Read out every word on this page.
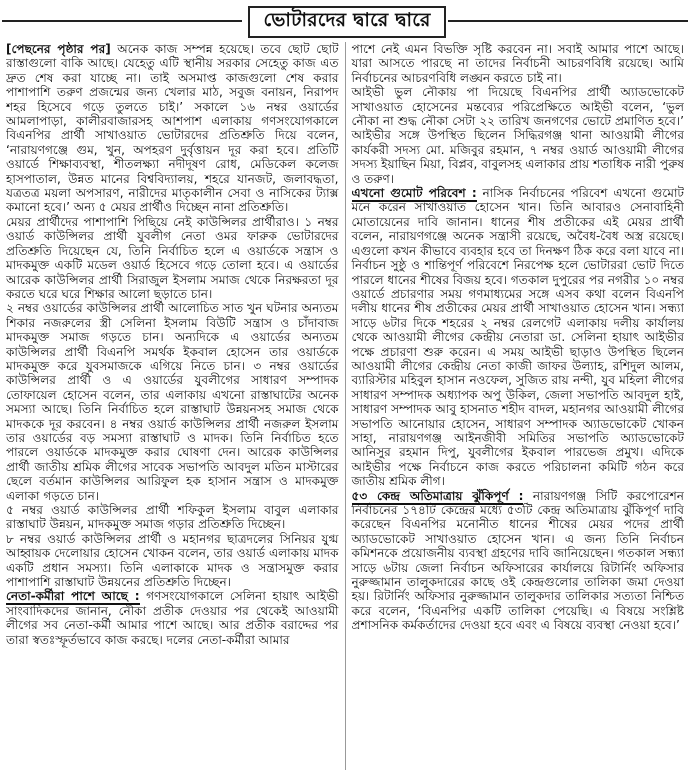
ভোটারদের দ্বারে দ্বারে

[পেছনের পৃষ্ঠার পর] অনেক কাজ সম্পন্ন হয়েছে। তবে ছোট ছোট রাস্তাগুলো বাকি আছে। যেহেতু এটি স্থানীয় সরকার সেহেতু কাজ এত দ্রুত শেষ করা যাচ্ছে না। তাই অসমাপ্ত কাজগুলো শেষ করার পাশাপাশি তরুণ প্রজন্মের জন্য খেলার মাঠ, সবুজ বনায়ন, নিরাপদ শহর হিসেবে গড়ে তুলতে চাই।’ সকালে ১৬ নম্বর ওয়ার্ডের আমলাপাড়া, কালীরবাজারসহ আশপাশ এলাকায় গণসংযোগকালে বিএনপির প্রার্থী সাখাওয়াত ভোটারদের প্রতিশ্রুতি দিয়ে বলেন, ‘নারায়ণগঞ্জে গুম, খুন, অপহরণ দুর্বৃত্তায়ন দূর করা হবে। প্রতিটি ওয়ার্ডে শিক্ষাব্যবস্থা, শীতলক্ষ্যা নদীদূষণ রোধ, মেডিকেল কলেজ হাসপাতাল, উন্নত মানের বিশ্ববিদ্যালয়, শহরে যানজট, জলাবদ্ধতা, যত্রতত্র ময়লা অপসারণ, নারীদের মাতৃকালীন সেবা ও নাসিকের ট্যাক্স কমানো হবে।’ অন্য ৫ মেয়র প্রার্থীও দিচ্ছেন নানা প্রতিশ্রুতি।

মেয়র প্রার্থীদের পাশাপাশি পিছিয়ে নেই কাউন্সিলর প্রার্থীরাও। ১ নম্বর ওয়ার্ড কাউন্সিলর প্রার্থী যুবলীগ নেতা ওমর ফারুক ভোটারদের প্রতিশ্রুতি দিয়েছেন যে, তিনি নির্বাচিত হলে এ ওয়ার্ডকে সন্ত্রাস ও মাদকমুক্ত একটি মডেল ওয়ার্ড হিসেবে গড়ে তোলা হবে। এ ওয়ার্ডের আরেক কাউন্সিলর প্রার্থী সিরাজুল ইসলাম সমাজ থেকে নিরক্ষরতা দূর করতে ঘরে ঘরে শিক্ষার আলো ছড়াতে চান।

২ নম্বর ওয়ার্ডের কাউন্সিলর প্রার্থী আলোচিত সাত খুন ঘটনার অন্যতম শিকার নজরুলের স্ত্রী সেলিনা ইসলাম বিউটি সন্ত্রাস ও চাঁদাবাজ মাদকমুক্ত সমাজ গড়তে চান। অন্যদিকে এ ওয়ার্ডের অন্যতম কাউন্সিলর প্রার্থী বিএনপি সমর্থক ইকবাল হোসেন তার ওয়ার্ডকে মাদকমুক্ত করে যুবসমাজকে এগিয়ে নিতে চান। ৩ নম্বর ওয়ার্ডের কাউন্সিলর প্রার্থী ও এ ওয়ার্ডের যুবলীগের সাধারণ সম্পাদক তোফায়েল হোসেন বলেন, তার এলাকায় এখনো রাস্তাঘাটের অনেক সমস্যা আছে। তিনি নির্বাচিত হলে রাস্তাঘাট উন্নয়নসহ সমাজ থেকে মাদককে দূর করবেন। ৪ নম্বর ওয়ার্ড কাউন্সিলর প্রার্থী নজরুল ইসলাম তার ওয়ার্ডের বড় সমস্যা রাস্তাঘাট ও মাদক। তিনি নির্বাচিত হতে পারলে ওয়ার্ডকে মাদকমুক্ত করার ঘোষণা দেন। আরেক কাউন্সিলর প্রার্থী জাতীয় শ্রমিক লীগের সাবেক সভাপতি আবদুল মতিন মাস্টারের ছেলে বর্তমান কাউন্সিলর আরিফুল হক হাসান সন্ত্রাস ও মাদকমুক্ত এলাকা গড়তে চান।

৫ নম্বর ওয়ার্ড কাউন্সিলর প্রার্থী শফিকুল ইসলাম বাবুল এলাকার রাস্তাঘাট উন্নয়ন, মাদকমুক্ত সমাজ গড়ার প্রতিশ্রুতি দিচ্ছেন।

৮ নম্বর ওয়ার্ড কাউন্সিলর প্রার্থী ও মহানগর ছাত্রদলের সিনিয়র যুগ্ম আহ্বায়ক দেলোয়ার হোসেন খোকন বলেন, তার ওয়ার্ড এলাকায় মাদক একটি প্রধান সমস্যা। তিনি এলাকাকে মাদক ও সন্ত্রাসমুক্ত করার পাশাপাশি রাস্তাঘাট উন্নয়নের প্রতিশ্রুতি দিচ্ছেন।

নেতা-কর্মীরা পাশে আছে : গণসংযোগকালে সেলিনা হায়াৎ আইভী সাংবাদিকদের জানান, নৌকা প্রতীক দেওয়ার পর থেকেই আওয়ামী লীগের সব নেতা-কর্মী আমার পাশে আছে। আর প্রতীক বরাদ্দের পর তারা স্বতঃস্ফূর্তভাবে কাজ করছে। দলের নেতা-কর্মীরা আমার

পাশে নেই এমন বিভক্তি সৃষ্টি করবেন না। সবাই আমার পাশে আছে। যারা আসতে পারছে না তাদের নির্বাচনী আচরণবিধি রয়েছে। আমি নির্বাচনের আচরণবিধি লঙ্ঘন করতে চাই না।

আইভী ভুল নৌকায় পা দিয়েছে বিএনপির প্রার্থী অ্যাডভোকেট সাখাওয়াত হোসেনের মন্তব্যের পরিপ্রেক্ষিতে আইভী বলেন, ‘ভুল নৌকা না শুদ্ধ নৌকা সেটা ২২ তারিখ জনগণের ভোটে প্রমাণিত হবে।’ আইভীর সঙ্গে উপস্থিত ছিলেন সিদ্ধিরগঞ্জ থানা আওয়ামী লীগের কার্যকরী সদস্য মো. মজিবুর রহমান, ৭ নম্বর ওয়ার্ড আওয়ামী লীগের সদস্য ইয়াছিন মিয়া, বিপ্লব, বাবুলসহ এলাকার প্রায় শতাধিক নারী পুরুষ ও তরুণ।

এখনো গুমোট পরিবেশ : নাসিক নির্বাচনের পরিবেশ এখনো গুমোট মনে করেন সাখাওয়াত হোসেন খান। তিনি আবারও সেনাবাহিনী মোতায়েনের দাবি জানান। ধানের শীষ প্রতীকের এই মেয়র প্রার্থী বলেন, নারায়ণগঞ্জে অনেক সন্ত্রাসী রয়েছে, অবৈধ-বৈধ অস্ত্র রয়েছে। এগুলো কখন কীভাবে ব্যবহার হবে তা দিনক্ষণ ঠিক করে বলা যাবে না। নির্বাচন সুষ্ঠু ও শান্তিপূর্ণ পরিবেশে নিরপেক্ষ হলে ভোটাররা ভোট দিতে পারলে ধানের শীষের বিজয় হবে। গতকাল দুপুরের পর নগরীর ১০ নম্বর ওয়ার্ডে প্রচারণার সময় গণমাধ্যমের সঙ্গে এসব কথা বলেন বিএনপি দলীয় ধানের শীষ প্রতীকের মেয়র প্রার্থী সাখাওয়াত হোসেন খান। সন্ধ্যা সাড়ে ৬টার দিকে শহরের ২ নম্বর রেলগেট এলাকায় দলীয় কার্যালয় থেকে আওয়ামী লীগের কেন্দ্রীয় নেতারা ডা. সেলিনা হায়াৎ আইভীর পক্ষে প্রচারণা শুরু করেন। এ সময় আইভী ছাড়াও উপস্থিত ছিলেন আওয়ামী লীগের কেন্দ্রীয় নেতা কাজী জাফর উল্যাহ, রশিদুল আলম, ব্যারিস্টার মহিবুল হাসান নওফেল, সুজিত রায় নন্দী, যুব মহিলা লীগের সাধারণ সম্পাদক অধ্যাপক অপু উকিল, জেলা সভাপতি আবদুল হাই, সাধারণ সম্পাদক আবু হাসনাত শহীদ বাদল, মহানগর আওয়ামী লীগের সভাপতি আনোয়ার হোসেন, সাধারণ সম্পাদক অ্যাডভোকেট খোকন সাহা, নারায়ণগঞ্জ আইনজীবী সমিতির সভাপতি অ্যাডভোকেট আনিসুর রহমান দিপু, যুবলীগের ইকবাল পারভেজ প্রমুখ। এদিকে আইভীর পক্ষে নির্বাচনে কাজ করতে পরিচালনা কমিটি গঠন করে জাতীয় শ্রমিক লীগ।

৫৩ কেন্দ্র অতিমাত্রায় ঝুঁকিপূর্ণ : নারায়ণগঞ্জ সিটি করপোরেশন নির্বাচনের ১৭৪টি কেন্দ্রের মধ্যে ৫৩টি কেন্দ্র অতিমাত্রায় ঝুঁকিপূর্ণ দাবি করেছেন বিএনপির মনোনীত ধানের শীষের মেয়র পদের প্রার্থী অ্যাডভোকেট সাখাওয়াত হোসেন খান। এ জন্য তিনি নির্বাচন কমিশনকে প্রয়োজনীয় ব্যবস্থা গ্রহণের দাবি জানিয়েছেন। গতকাল সন্ধ্যা সাড়ে ৬টায় জেলা নির্বাচন অফিসারের কার্যালয়ে রিটার্নিং অফিসার নুরুজ্জামান তালুকদারের কাছে ওই কেন্দ্রগুলোর তালিকা জমা দেওয়া হয়। রিটার্নিং অফিসার নুরুজ্জামান তালুকদার তালিকার সত্যতা নিশ্চিত করে বলেন, ‘বিএনপির একটি তালিকা পেয়েছি। এ বিষয়ে সংশ্লিষ্ট প্রশাসনিক কর্মকর্তাদের দেওয়া হবে এবং এ বিষয়ে ব্যবস্থা নেওয়া হবে।’
